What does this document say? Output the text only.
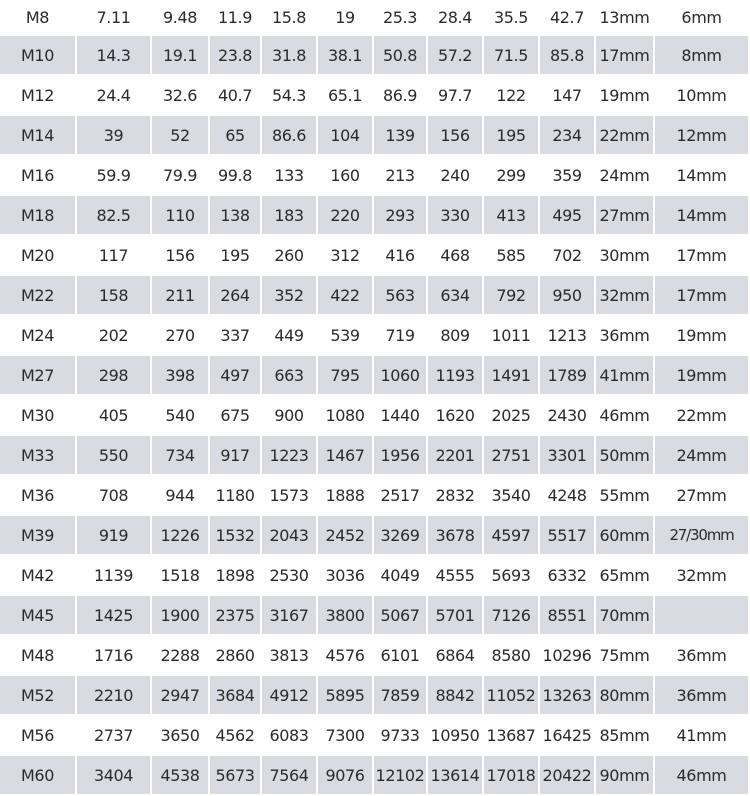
M8	7.11	9.48	11.9	15.8	19	25.3	28.4	35.5	42.7	13mm	6mm
M10	14.3	19.1	23.8	31.8	38.1	50.8	57.2	71.5	85.8	17mm	8mm
M12	24.4	32.6	40.7	54.3	65.1	86.9	97.7	122	147	19mm	10mm
M14	39	52	65	86.6	104	139	156	195	234	22mm	12mm
M16	59.9	79.9	99.8	133	160	213	240	299	359	24mm	14mm
M18	82.5	110	138	183	220	293	330	413	495	27mm	14mm
M20	117	156	195	260	312	416	468	585	702	30mm	17mm
M22	158	211	264	352	422	563	634	792	950	32mm	17mm
M24	202	270	337	449	539	719	809	1011	1213	36mm	19mm
M27	298	398	497	663	795	1060	1193	1491	1789	41mm	19mm
M30	405	540	675	900	1080	1440	1620	2025	2430	46mm	22mm
M33	550	734	917	1223	1467	1956	2201	2751	3301	50mm	24mm
M36	708	944	1180	1573	1888	2517	2832	3540	4248	55mm	27mm
M39	919	1226	1532	2043	2452	3269	3678	4597	5517	60mm	27/30mm
M42	1139	1518	1898	2530	3036	4049	4555	5693	6332	65mm	32mm
M45	1425	1900	2375	3167	3800	5067	5701	7126	8551	70mm	
M48	1716	2288	2860	3813	4576	6101	6864	8580	10296	75mm	36mm
M52	2210	2947	3684	4912	5895	7859	8842	11052	13263	80mm	36mm
M56	2737	3650	4562	6083	7300	9733	10950	13687	16425	85mm	41mm
M60	3404	4538	5673	7564	9076	12102	13614	17018	20422	90mm	46mm
